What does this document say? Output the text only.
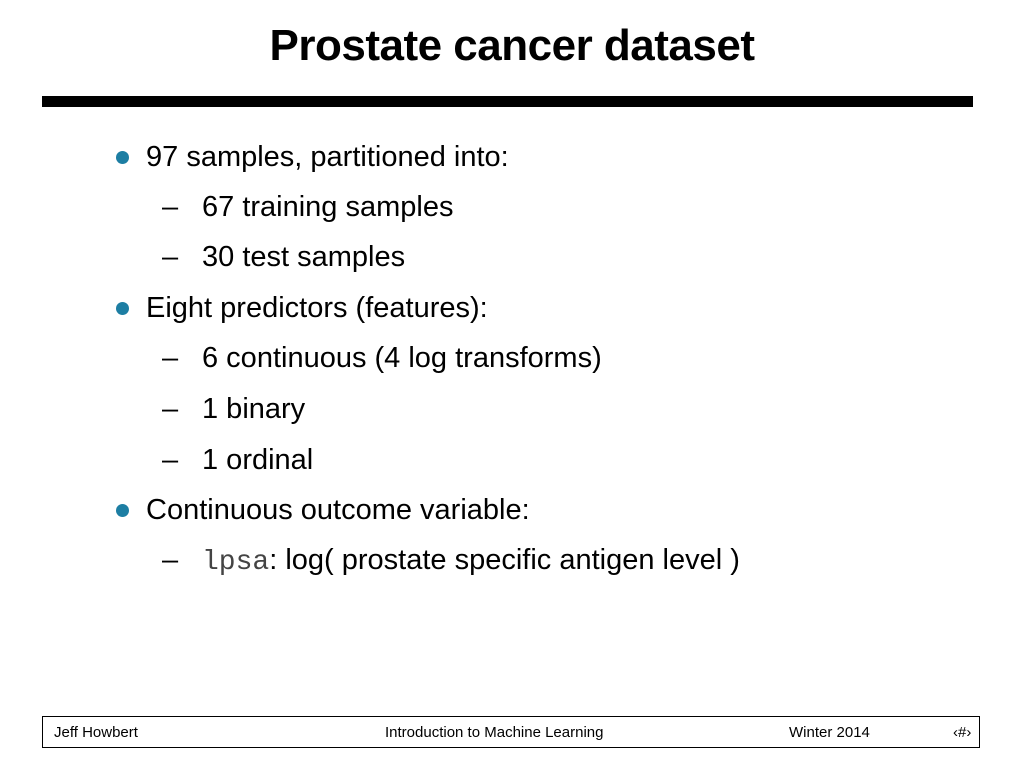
Prostate cancer dataset
97 samples, partitioned into:
– 67 training samples
– 30 test samples
Eight predictors (features):
– 6 continuous (4 log transforms)
– 1 binary
– 1 ordinal
Continuous outcome variable:
– lpsa: log( prostate specific antigen level )
Jeff Howbert	Introduction to Machine Learning	Winter 2014	‹#›
